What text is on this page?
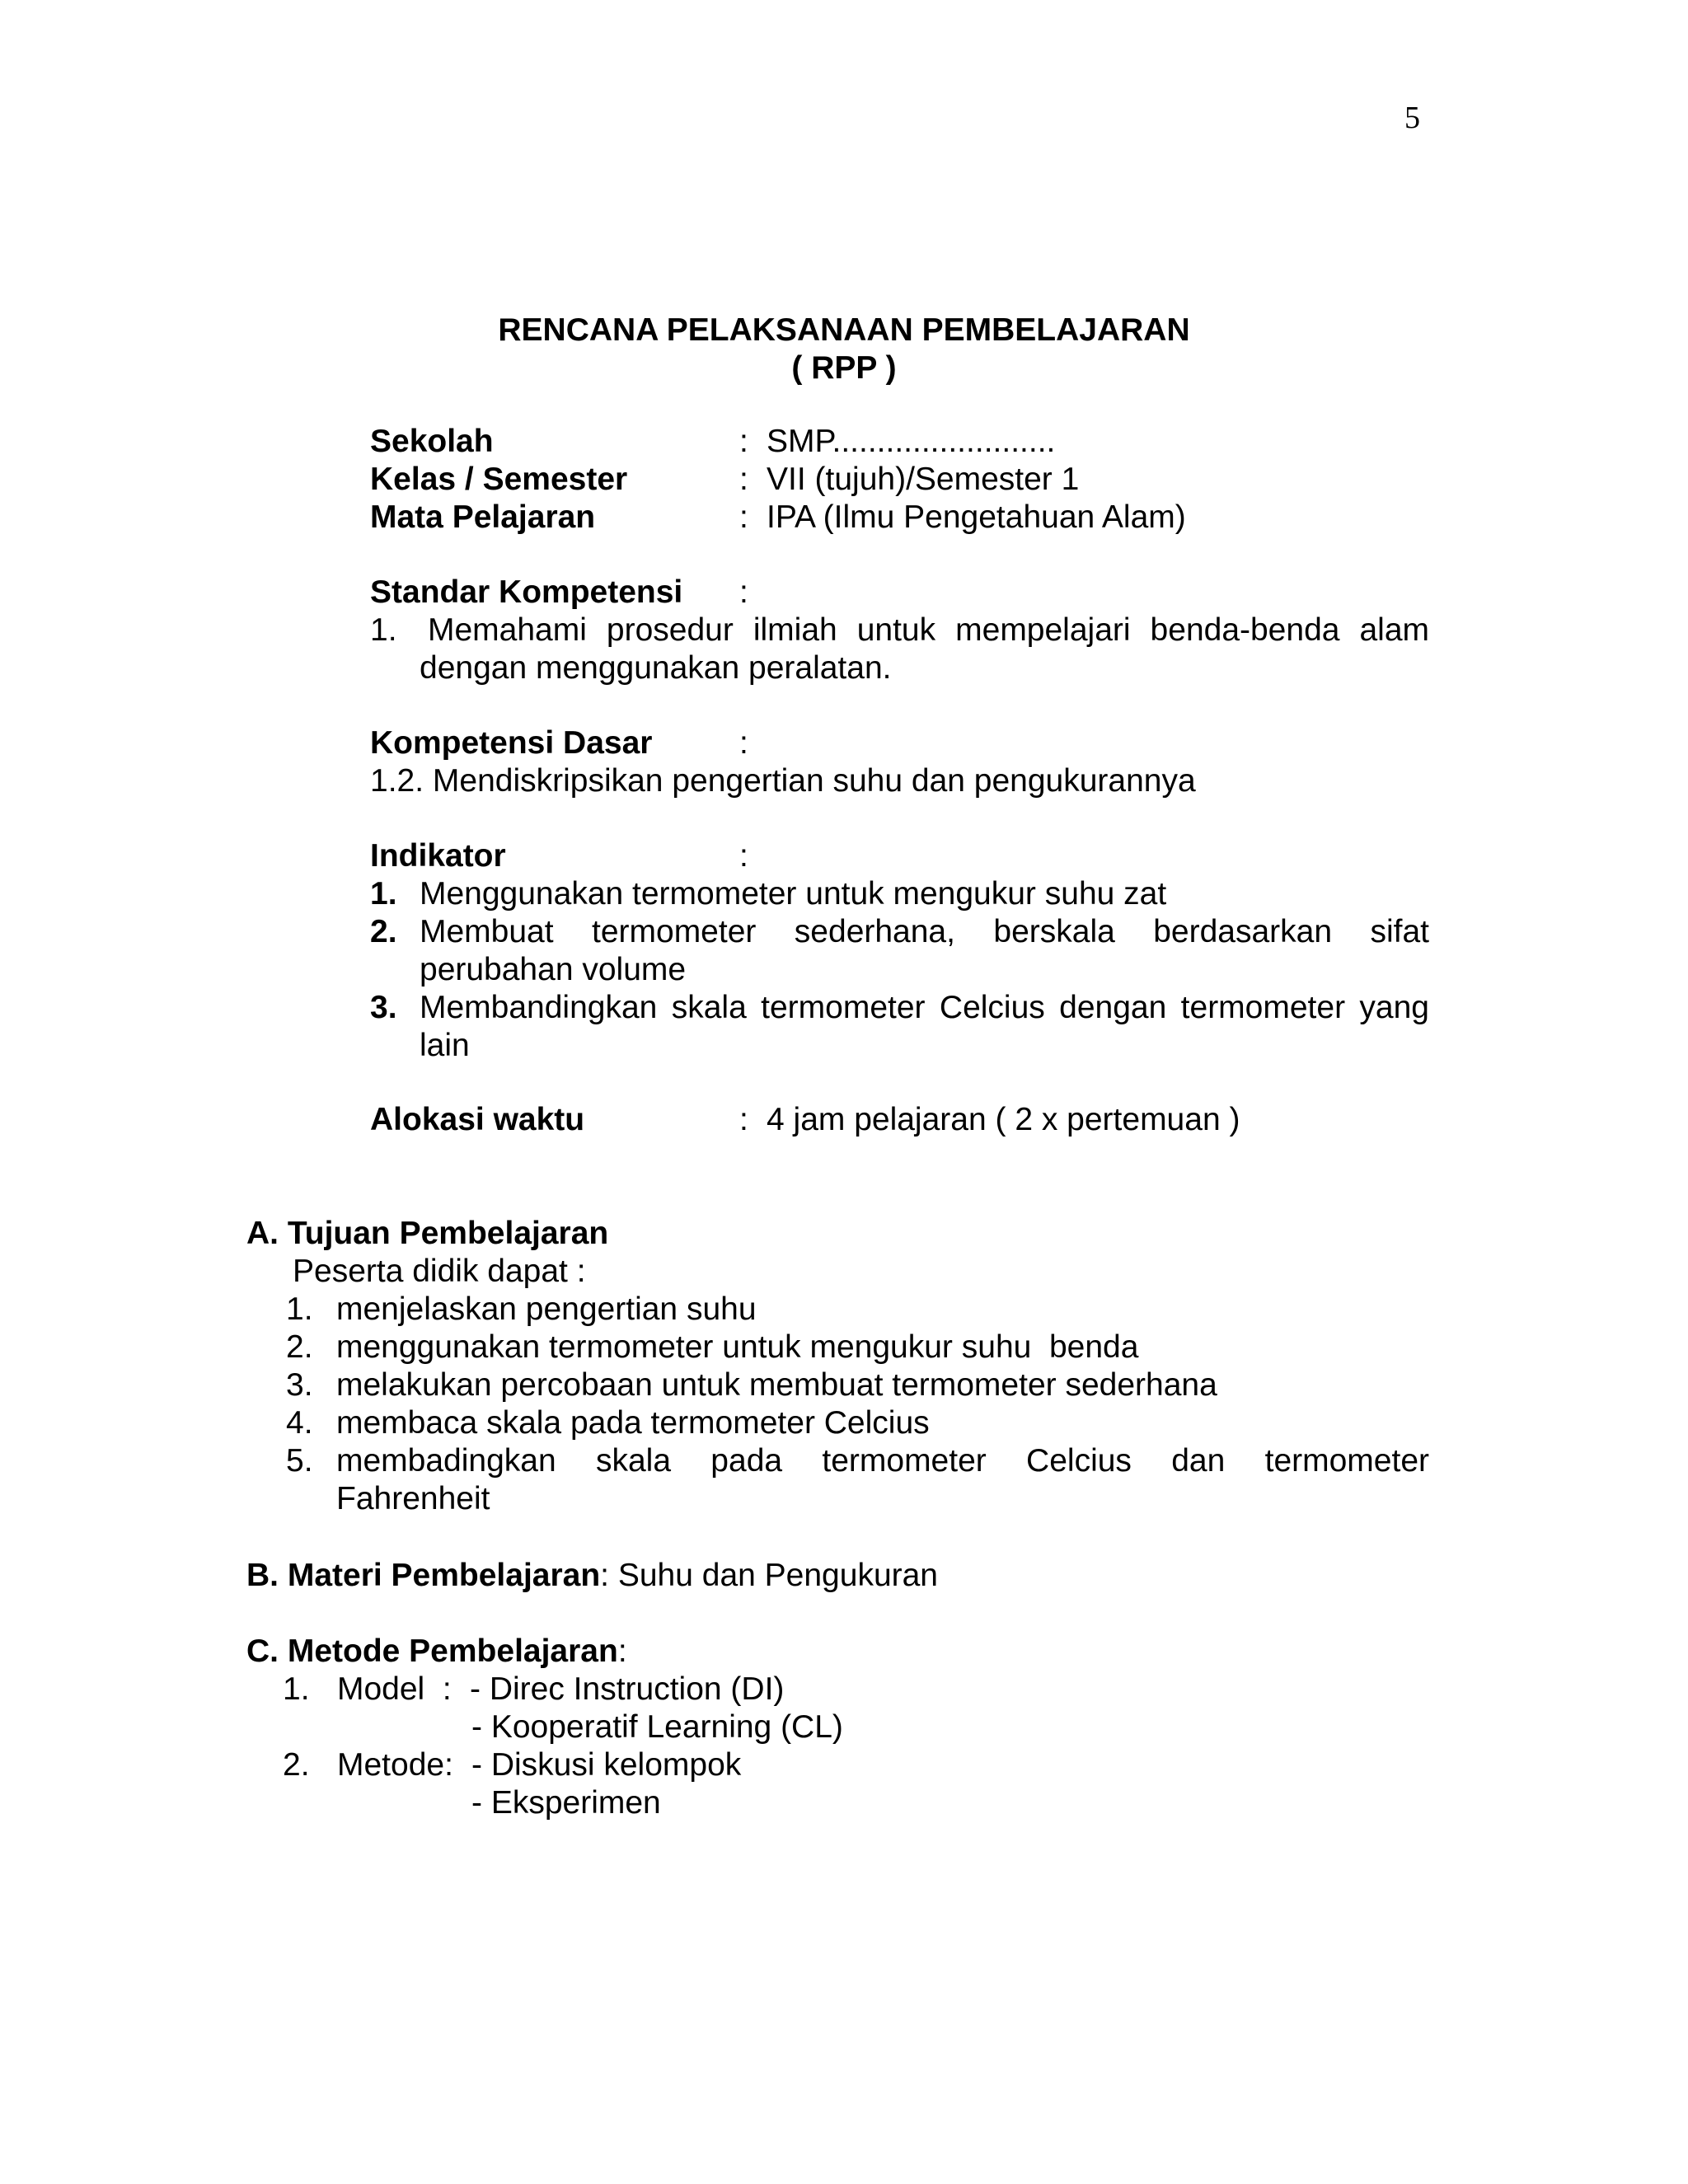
5
RENCANA PELAKSANAAN PEMBELAJARAN
( RPP )
Sekolah	: SMP.........................
Kelas / Semester	: VII (tujuh)/Semester 1
Mata Pelajaran	: IPA (Ilmu Pengetahuan Alam)
Standar Kompetensi :
1. Memahami prosedur ilmiah untuk mempelajari benda-benda alam
dengan menggunakan peralatan.
Kompetensi Dasar	:
1.2. Mendiskripsikan pengertian suhu dan pengukurannya
Indikator	:
1. Menggunakan termometer untuk mengukur suhu zat
2. Membuat termometer sederhana, berskala berdasarkan sifat
perubahan volume
3. Membandingkan skala termometer Celcius dengan termometer yang
lain
Alokasi waktu	: 4 jam pelajaran ( 2 x pertemuan )
A. Tujuan Pembelajaran
Peserta didik dapat :
1. menjelaskan pengertian suhu
2. menggunakan termometer untuk mengukur suhu  benda
3. melakukan percobaan untuk membuat termometer sederhana
4. membaca skala pada termometer Celcius
5. membadingkan skala pada termometer Celcius dan termometer
Fahrenheit
B. Materi Pembelajaran: Suhu dan Pengukuran
C. Metode Pembelajaran:
1. Model  : - Direc Instruction (DI)
- Kooperatif Learning (CL)
2. Metode: - Diskusi kelompok
- Eksperimen
